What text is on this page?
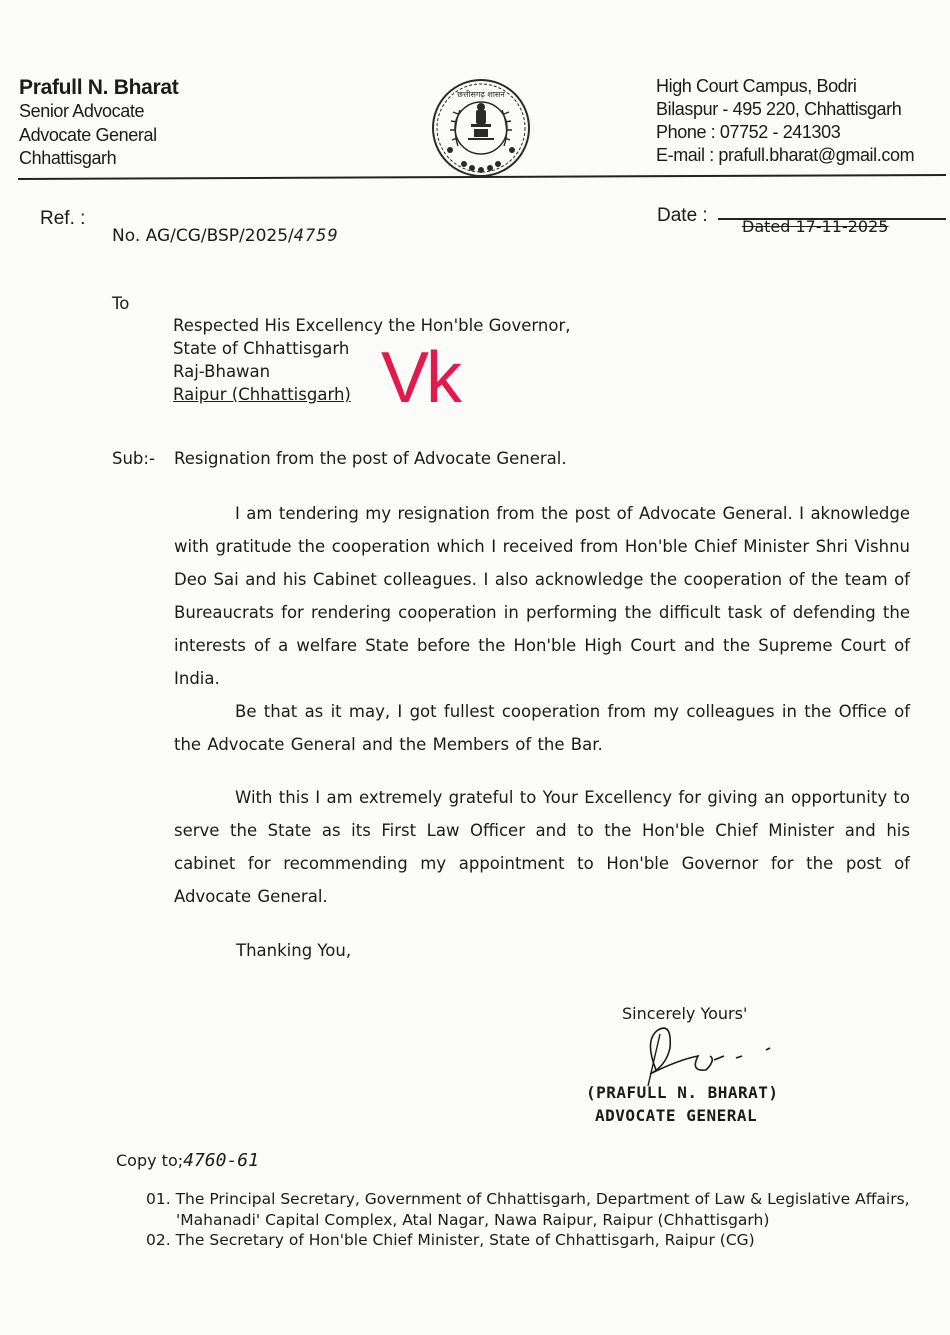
Prafull N. Bharat
Senior Advocate
Advocate General
Chhattisgarh
छत्तीसगढ़ शासन	High Court Campus, Bodri
Bilaspur - 495 220, Chhattisgarh
Phone : 07752 - 241303
E-mail : prafull.bharat@gmail.com
Ref. :
No. AG/CG/BSP/2025/4759
Date :
Dated 17-11-2025
To
Respected His Excellency the Hon'ble Governor,
State of Chhattisgarh
Raj-Bhawan
Raipur (Chhattisgarh) Vk
Sub:- Resignation from the post of Advocate General.
I am tendering my resignation from the post of Advocate General. I aknowledge with gratitude the cooperation which I received from Hon'ble Chief Minister Shri Vishnu Deo Sai and his Cabinet colleagues. I also acknowledge the cooperation of the team of Bureaucrats for rendering cooperation in performing the difficult task of defending the interests of a welfare State before the Hon'ble High Court and the Supreme Court of India.
Be that as it may, I got fullest cooperation from my colleagues in the Office of the Advocate General and the Members of the Bar.
With this I am extremely grateful to Your Excellency for giving an opportunity to serve the State as its First Law Officer and to the Hon'ble Chief Minister and his cabinet for recommending my appointment to Hon'ble Governor for the post of Advocate General.
Thanking You,
Sincerely Yours'
(PRAFULL N. BHARAT)
ADVOCATE GENERAL
Copy to;4760-61
01. The Principal Secretary, Government of Chhattisgarh, Department of Law & Legislative Affairs,
'Mahanadi' Capital Complex, Atal Nagar, Nawa Raipur, Raipur (Chhattisgarh)
02. The Secretary of Hon'ble Chief Minister, State of Chhattisgarh, Raipur (CG)
